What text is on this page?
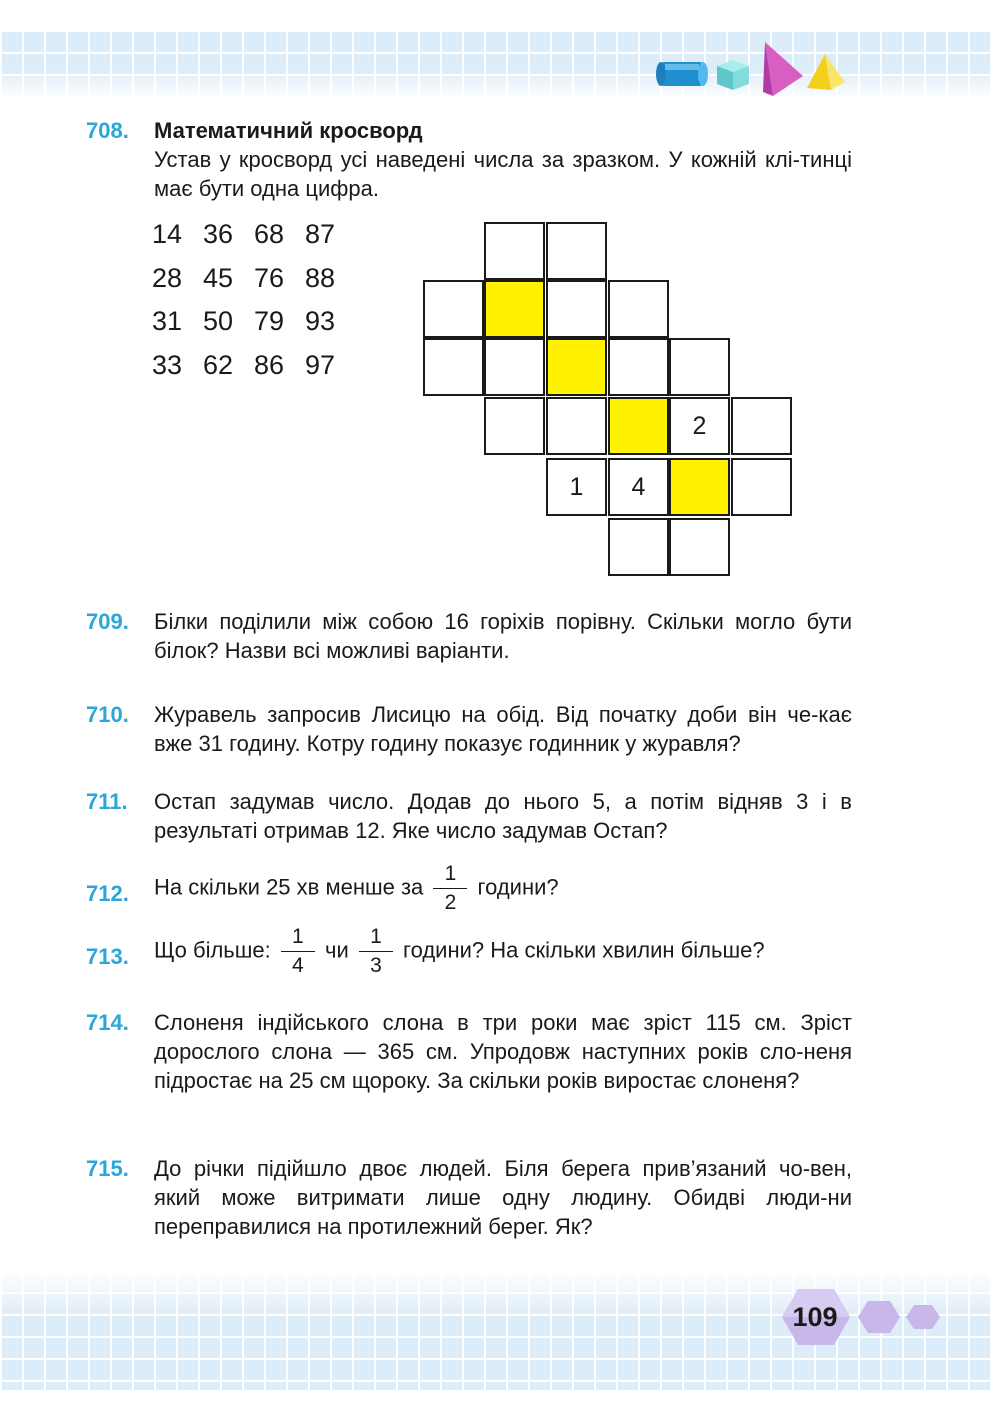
708. Математичний кросворд
Устав у кросворд усі наведені числа за зразком. У кожній клі-тинці має бути одна цифра.
14 36 68 87
28 45 76 88
31 50 79 93
33 62 86 97
2
1	4
709. Білки поділили між собою 16 горіхів порівну. Скільки могло бути білок? Назви всі можливі варіанти.
710. Журавель запросив Лисицю на обід. Від початку доби він че-кає вже 31 годину. Котру годину показує годинник у журавля?
711. Остап задумав число. Додав до нього 5, а потім відняв 3 і в результаті отримав 12. Яке число задумав Остап?
712. На скільки 25 хв менше за $\frac{1}{2}$ години?
713. Що більше: $\frac{1}{4}$ чи $\frac{1}{3}$ години? На скільки хвилин більше?
714. Слоненя індійського слона в три роки має зріст 115 см. Зріст дорослого слона — 365 см. Упродовж наступних років сло-неня підростає на 25 см щороку. За скільки років виростає слоненя?
715. До річки підійшло двоє людей. Біля берега прив’язаний чо-вен, який може витримати лише одну людину. Обидві люди-ни переправилися на протилежний берег. Як?
109
